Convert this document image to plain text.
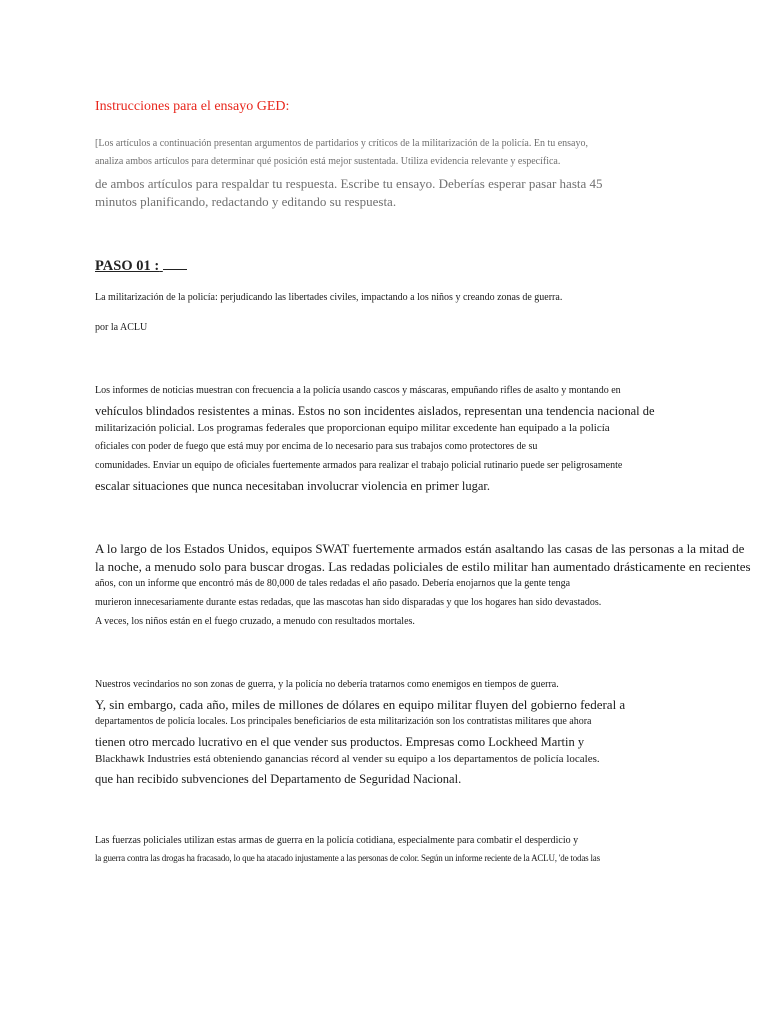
Instrucciones para el ensayo GED:
[Los artículos a continuación presentan argumentos de partidarios y críticos de la militarización de la policía. En tu ensayo,
analiza ambos artículos para determinar qué posición está mejor sustentada. Utiliza evidencia relevante y específica.
de ambos artículos para respaldar tu respuesta. Escribe tu ensayo. Deberías esperar pasar hasta 45
minutos planificando, redactando y editando su respuesta.
PASO 01 :
La militarización de la policía: perjudicando las libertades civiles, impactando a los niños y creando zonas de guerra.
por la ACLU
Los informes de noticias muestran con frecuencia a la policía usando cascos y máscaras, empuñando rifles de asalto y montando en
vehículos blindados resistentes a minas. Estos no son incidentes aislados, representan una tendencia nacional de
militarización policial. Los programas federales que proporcionan equipo militar excedente han equipado a la policía
oficiales con poder de fuego que está muy por encima de lo necesario para sus trabajos como protectores de su
comunidades. Enviar un equipo de oficiales fuertemente armados para realizar el trabajo policial rutinario puede ser peligrosamente
escalar situaciones que nunca necesitaban involucrar violencia en primer lugar.
A lo largo de los Estados Unidos, equipos SWAT fuertemente armados están asaltando las casas de las personas a la mitad de
la noche, a menudo solo para buscar drogas. Las redadas policiales de estilo militar han aumentado drásticamente en recientes
años, con un informe que encontró más de 80,000 de tales redadas el año pasado. Debería enojarnos que la gente tenga
murieron innecesariamente durante estas redadas, que las mascotas han sido disparadas y que los hogares han sido devastados.
A veces, los niños están en el fuego cruzado, a menudo con resultados mortales.
Nuestros vecindarios no son zonas de guerra, y la policía no debería tratarnos como enemigos en tiempos de guerra.
Y, sin embargo, cada año, miles de millones de dólares en equipo militar fluyen del gobierno federal a
departamentos de policía locales. Los principales beneficiarios de esta militarización son los contratistas militares que ahora
tienen otro mercado lucrativo en el que vender sus productos. Empresas como Lockheed Martin y
Blackhawk Industries está obteniendo ganancias récord al vender su equipo a los departamentos de policía locales.
que han recibido subvenciones del Departamento de Seguridad Nacional.
Las fuerzas policiales utilizan estas armas de guerra en la policía cotidiana, especialmente para combatir el desperdicio y
la guerra contra las drogas ha fracasado, lo que ha atacado injustamente a las personas de color. Según un informe reciente de la ACLU, 'de todas las
